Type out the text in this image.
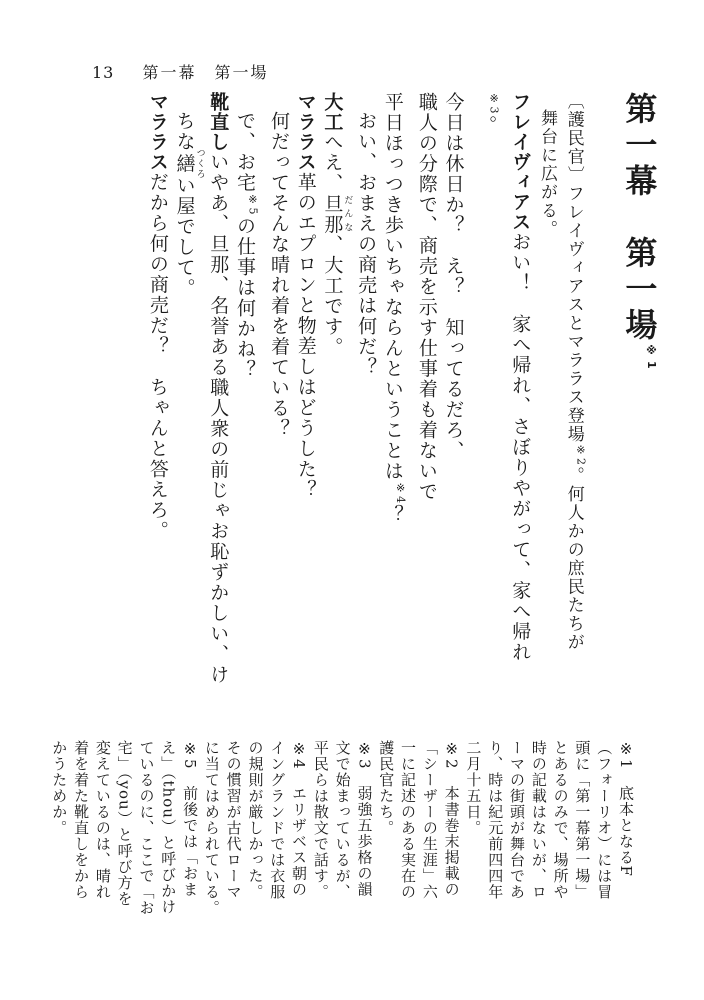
13 第一幕　第一場

第一幕　第一場$^{※1}$

〔護民官〕フレイヴィアスとマララス登場$^{※2}$。何人かの庶民たちが

舞台に広がる。

フレイヴィアスおい！　家へ帰れ、さぼりやがって、家へ帰れ$^{※3}$。

今日は休日か？　え？　知ってるだろ、

職人の分際で、商売を示す仕事着も着ないで

平日ほっつき歩いちゃならんということは$^{※4}$？

おい、おまえの商売は何だ？

大工へえ、旦那 だんな、大工です。

マララス革のエプロンと物差しはどうした？

何だってそんな晴れ着を着ている？

で、お宅$^{※5}$の仕事は何かね？

靴直しいやあ、旦那、名誉ある職人衆の前じゃお恥ずかしい、け

ちな繕 つくろい屋でして。

マララスだから何の商売だ？　ちゃんと答えろ。

※1　底本となるF

（フォーリオ）には冒

頭に「第一幕第一場」

とあるのみで、場所や

時の記載はないが、ロ

ーマの街頭が舞台であ

り、時は紀元前四四年

二月十五日。

※2　本書巻末掲載の

「シーザーの生涯」六

一に記述のある実在の

護民官たち。

※3　弱強五歩格の韻

文で始まっているが、

平民らは散文で話す。

※4　エリザベス朝の

イングランドでは衣服

の規則が厳しかった。

その慣習が古代ローマ

に当てはめられている。

※5　前後では「おま

え」（thou）と呼びかけ

ているのに、ここで「お

宅」（you）と呼び方を

変えているのは、晴れ

着を着た靴直しをから

かうためか。
